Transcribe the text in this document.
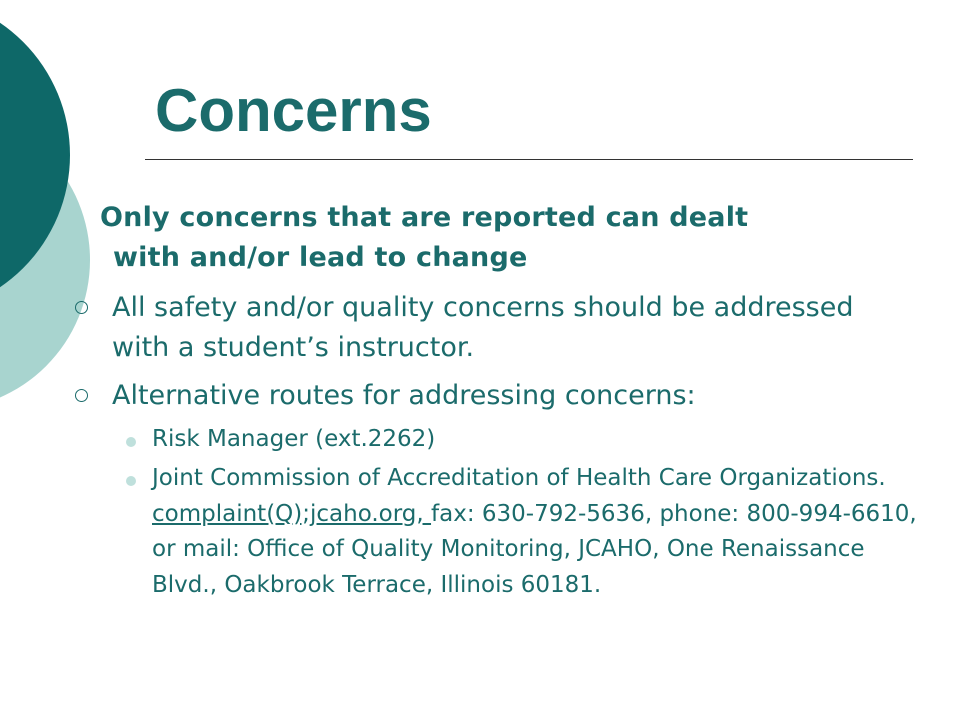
Concerns
Only concerns that are reported can dealt
with and/or lead to change
All safety and/or quality concerns should be addressed with a student’s instructor.
Alternative routes for addressing concerns:
Risk Manager (ext.2262)
Joint Commission of Accreditation of Health Care Organizations. complaint(Q);jcaho.org, fax: 630-792-5636, phone: 800-994-6610, or mail: Office of Quality Monitoring, JCAHO, One Renaissance Blvd., Oakbrook Terrace, Illinois 60181.
